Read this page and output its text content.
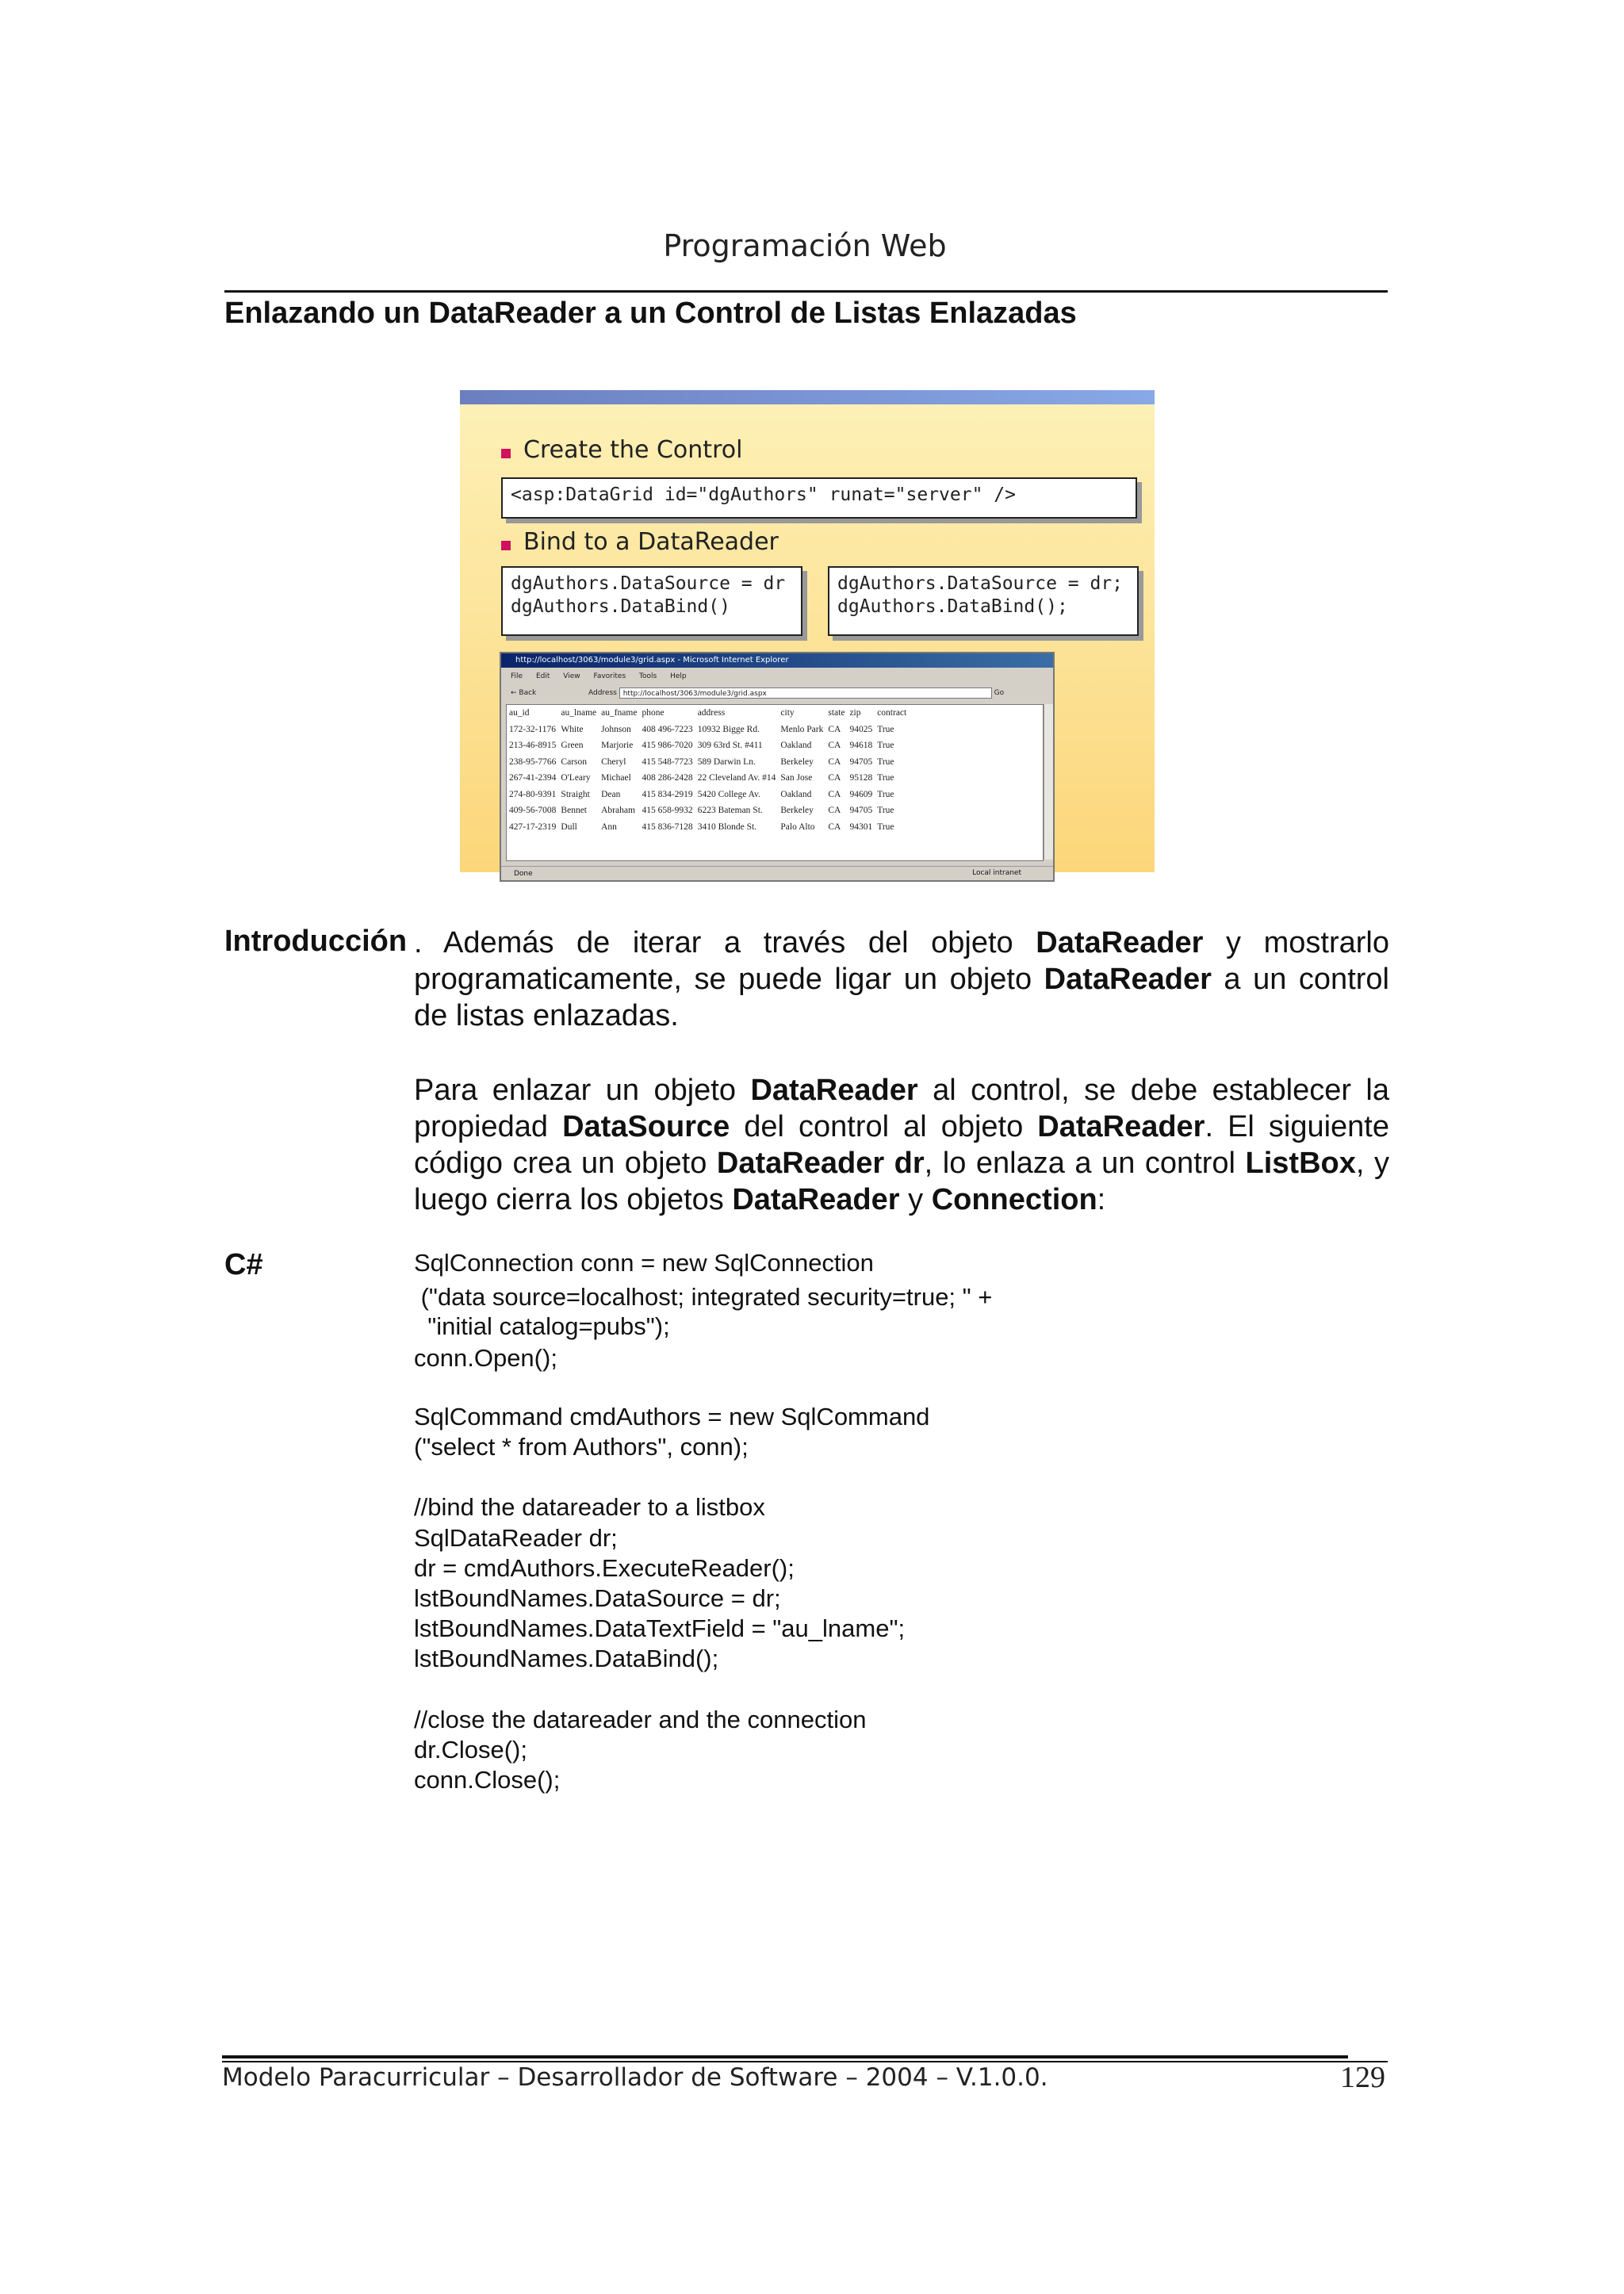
Programación Web
Enlazando un DataReader a un Control de Listas Enlazadas
Create the Control
<asp:DataGrid id="dgAuthors" runat="server" />
Bind to a DataReader
dgAuthors.DataSource = dr
dgAuthors.DataBind()
dgAuthors.DataSource = dr;
dgAuthors.DataBind();
http://localhost/3063/module3/grid.aspx - Microsoft Internet Explorer
File Edit View Favorites Tools Help
← Back	Address http://localhost/3063/module3/grid.aspx	Go
au_id	au_lname	au_fname	phone	address	city	state	zip	contract
172-32-1176	White	Johnson	408 496-7223	10932 Bigge Rd.	Menlo Park	CA	94025	True
213-46-8915	Green	Marjorie	415 986-7020	309 63rd St. #411	Oakland	CA	94618	True
238-95-7766	Carson	Cheryl	415 548-7723	589 Darwin Ln.	Berkeley	CA	94705	True
267-41-2394	O'Leary	Michael	408 286-2428	22 Cleveland Av. #14	San Jose	CA	95128	True
274-80-9391	Straight	Dean	415 834-2919	5420 College Av.	Oakland	CA	94609	True
409-56-7008	Bennet	Abraham	415 658-9932	6223 Bateman St.	Berkeley	CA	94705	True
427-17-2319	Dull	Ann	415 836-7128	3410 Blonde St.	Palo Alto	CA	94301	True
Done	Local intranet
Introducción . Además de iterar a través del objeto DataReader y mostrarlo programaticamente, se puede ligar un objeto DataReader a un control de listas enlazadas.
Para enlazar un objeto DataReader al control, se debe establecer la propiedad DataSource del control al objeto DataReader. El siguiente código crea un objeto DataReader dr, lo enlaza a un control ListBox, y luego cierra los objetos DataReader y Connection:
C#	SqlConnection conn = new SqlConnection
("data source=localhost; integrated security=true; " +
"initial catalog=pubs");
conn.Open();
SqlCommand cmdAuthors = new SqlCommand
("select * from Authors", conn);
//bind the datareader to a listbox
SqlDataReader dr;
dr = cmdAuthors.ExecuteReader();
lstBoundNames.DataSource = dr;
lstBoundNames.DataTextField = "au_lname";
lstBoundNames.DataBind();
//close the datareader and the connection
dr.Close();
conn.Close();
Modelo Paracurricular – Desarrollador de Software – 2004 – V.1.0.0.	129
